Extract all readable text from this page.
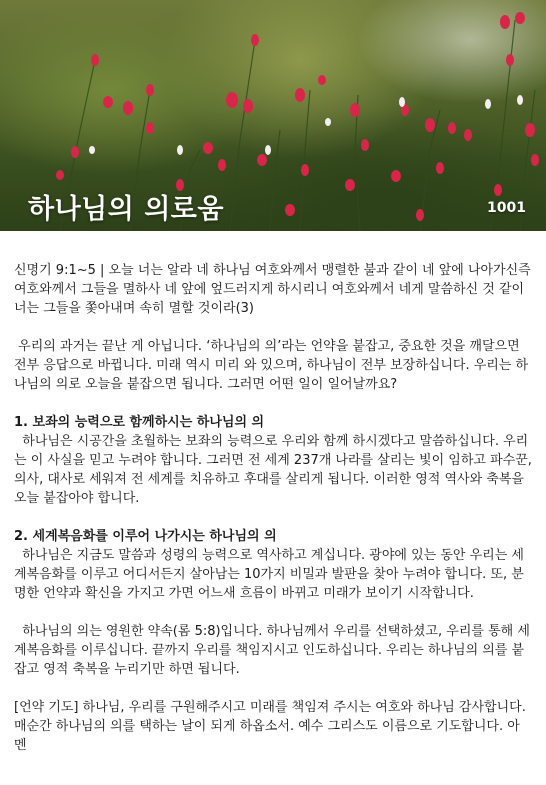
하나님의 의로움	1001

신명기 9:1~5 | 오늘 너는 알라 네 하나님 여호와께서 맹렬한 불과 같이 네 앞에 나아가신즉 여호와께서 그들을 멸하사 네 앞에 엎드러지게 하시리니 여호와께서 네게 말씀하신 것 같이 너는 그들을 쫓아내며 속히 멸할 것이라(3)

우리의 과거는 끝난 게 아닙니다. ‘하나님의 의’라는 언약을 붙잡고, 중요한 것을 깨달으면 전부 응답으로 바뀝니다. 미래 역시 미리 와 있으며, 하나님이 전부 보장하십니다. 우리는 하나님의 의로 오늘을 붙잡으면 됩니다. 그러면 어떤 일이 일어날까요?

1. 보좌의 능력으로 함께하시는 하나님의 의

하나님은 시공간을 초월하는 보좌의 능력으로 우리와 함께 하시겠다고 말씀하십니다. 우리는 이 사실을 믿고 누려야 합니다. 그러면 전 세계 237개 나라를 살리는 빛이 임하고 파수꾼, 의사, 대사로 세워져 전 세계를 치유하고 후대를 살리게 됩니다. 이러한 영적 역사와 축복을 오늘 붙잡아야 합니다.

2. 세계복음화를 이루어 나가시는 하나님의 의

하나님은 지금도 말씀과 성령의 능력으로 역사하고 계십니다. 광야에 있는 동안 우리는 세계복음화를 이루고 어디서든지 살아남는 10가지 비밀과 발판을 찾아 누려야 합니다. 또, 분명한 언약과 확신을 가지고 가면 어느새 흐름이 바뀌고 미래가 보이기 시작합니다.

하나님의 의는 영원한 약속(롬 5:8)입니다. 하나님께서 우리를 선택하셨고, 우리를 통해 세계복음화를 이루십니다. 끝까지 우리를 책임지시고 인도하십니다. 우리는 하나님의 의를 붙잡고 영적 축복을 누리기만 하면 됩니다.

[언약 기도] 하나님, 우리를 구원해주시고 미래를 책임져 주시는 여호와 하나님 감사합니다. 매순간 하나님의 의를 택하는 날이 되게 하옵소서. 예수 그리스도 이름으로 기도합니다. 아멘
